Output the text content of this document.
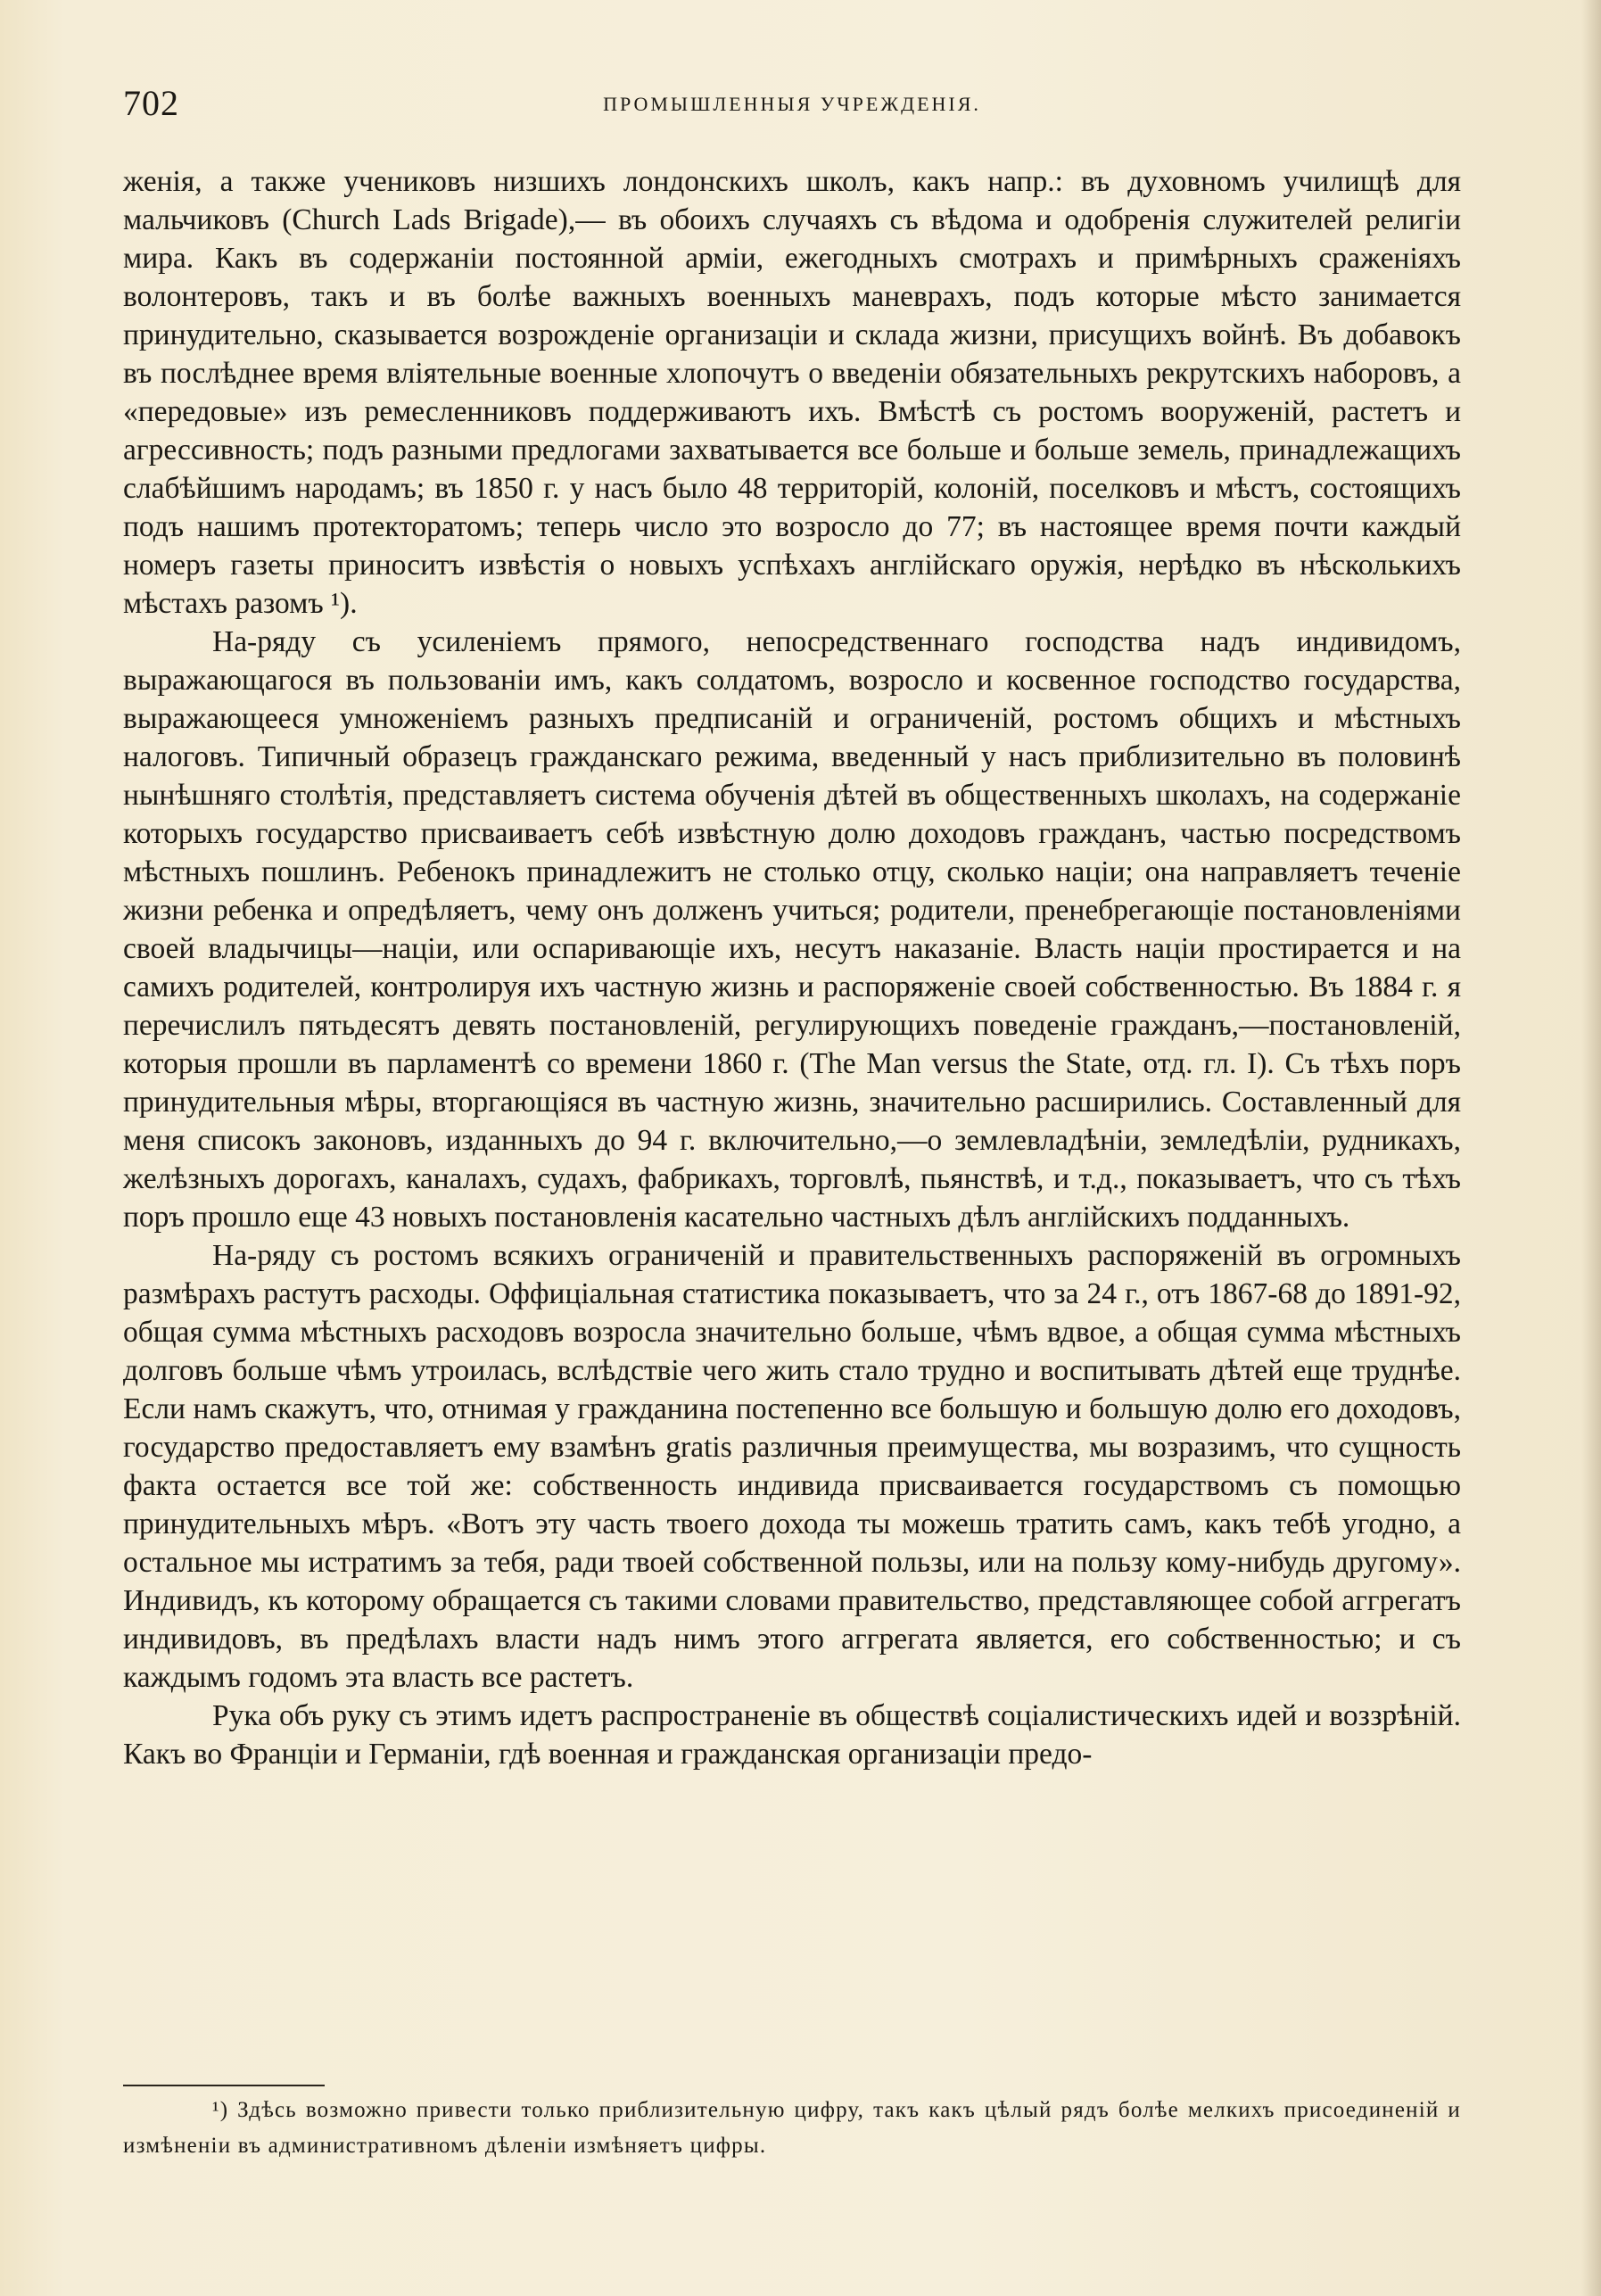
702	ПРОМЫШЛЕННЫЯ УЧРЕЖДЕНІЯ.

женія, а также учениковъ низшихъ лондонскихъ школъ, какъ напр.: въ духовномъ училищѣ для мальчиковъ (Church Lads Brigade),— въ обоихъ случаяхъ съ вѣдома и одобренія служителей религіи мира. Какъ въ содержаніи постоянной арміи, ежегодныхъ смотрахъ и примѣрныхъ сраженіяхъ волонтеровъ, такъ и въ болѣе важныхъ военныхъ маневрахъ, подъ которые мѣсто занимается принудительно, сказывается возрожденіе организаціи и склада жизни, присущихъ войнѣ. Въ добавокъ въ послѣднее время вліятельные военные хлопочутъ о введеніи обязательныхъ рекрутскихъ наборовъ, а «передовые» изъ ремесленниковъ поддерживаютъ ихъ. Вмѣстѣ съ ростомъ вооруженій, растетъ и агрессивность; подъ разными предлогами захватывается все больше и больше земель, принадлежащихъ слабѣйшимъ народамъ; въ 1850 г. у насъ было 48 территорій, колоній, поселковъ и мѣстъ, состоящихъ подъ нашимъ протекторатомъ; теперь число это возросло до 77; въ настоящее время почти каждый номеръ газеты приноситъ извѣстія о новыхъ успѣхахъ англійскаго оружія, нерѣдко въ нѣсколькихъ мѣстахъ разомъ ¹).

На-ряду съ усиленіемъ прямого, непосредственнаго господства надъ индивидомъ, выражающагося въ пользованіи имъ, какъ солдатомъ, возросло и косвенное господство государства, выражающееся умноженіемъ разныхъ предписаній и ограниченій, ростомъ общихъ и мѣстныхъ налоговъ. Типичный образецъ гражданскаго режима, введенный у насъ приблизительно въ половинѣ нынѣшняго столѣтія, представляетъ система обученія дѣтей въ общественныхъ школахъ, на содержаніе которыхъ государство присваиваетъ себѣ извѣстную долю доходовъ гражданъ, частью посредствомъ мѣстныхъ пошлинъ. Ребенокъ принадлежитъ не столько отцу, сколько націи; она направляетъ теченіе жизни ребенка и опредѣляетъ, чему онъ долженъ учиться; родители, пренебрегающіе постановленіями своей владычицы—націи, или оспаривающіе ихъ, несутъ наказаніе. Власть націи простирается и на самихъ родителей, контролируя ихъ частную жизнь и распоряженіе своей собственностью. Въ 1884 г. я перечислилъ пятьдесятъ девять постановленій, регулирующихъ поведеніе гражданъ,—постановленій, которыя прошли въ парламентѣ со времени 1860 г. (The Man versus the State, отд. гл. I). Съ тѣхъ поръ принудительныя мѣры, вторгающіяся въ частную жизнь, значительно расширились. Составленный для меня списокъ законовъ, изданныхъ до 94 г. включительно,—о землевладѣніи, земледѣліи, рудникахъ, желѣзныхъ дорогахъ, каналахъ, судахъ, фабрикахъ, торговлѣ, пьянствѣ, и т.д., показываетъ, что съ тѣхъ поръ прошло еще 43 новыхъ постановленія касательно частныхъ дѣлъ англійскихъ подданныхъ.

На-ряду съ ростомъ всякихъ ограниченій и правительственныхъ распоряженій въ огромныхъ размѣрахъ растутъ расходы. Оффиціальная статистика показываетъ, что за 24 г., отъ 1867-68 до 1891-92, общая сумма мѣстныхъ расходовъ возросла значительно больше, чѣмъ вдвое, а общая сумма мѣстныхъ долговъ больше чѣмъ утроилась, вслѣдствіе чего жить стало трудно и воспитывать дѣтей еще труднѣе. Если намъ скажутъ, что, отнимая у гражданина постепенно все большую и большую долю его доходовъ, государство предоставляетъ ему взамѣнъ gratis различныя преимущества, мы возразимъ, что сущность факта остается все той же: собственность индивида присваивается государствомъ съ помощью принудительныхъ мѣръ. «Вотъ эту часть твоего дохода ты можешь тратить самъ, какъ тебѣ угодно, а остальное мы истратимъ за тебя, ради твоей собственной пользы, или на пользу кому-нибудь другому». Индивидъ, къ которому обращается съ такими словами правительство, представляющее собой аггрегатъ индивидовъ, въ предѣлахъ власти надъ нимъ этого аггрегата является, его собственностью; и съ каждымъ годомъ эта власть все растетъ.

Рука объ руку съ этимъ идетъ распространеніе въ обществѣ соціалистическихъ идей и воззрѣній. Какъ во Франціи и Германіи, гдѣ военная и гражданская организаціи предо-

¹) Здѣсь возможно привести только приблизительную цифру, такъ какъ цѣлый рядъ болѣе мелкихъ присоединеній и измѣненіи въ административномъ дѣленіи измѣняетъ цифры.
